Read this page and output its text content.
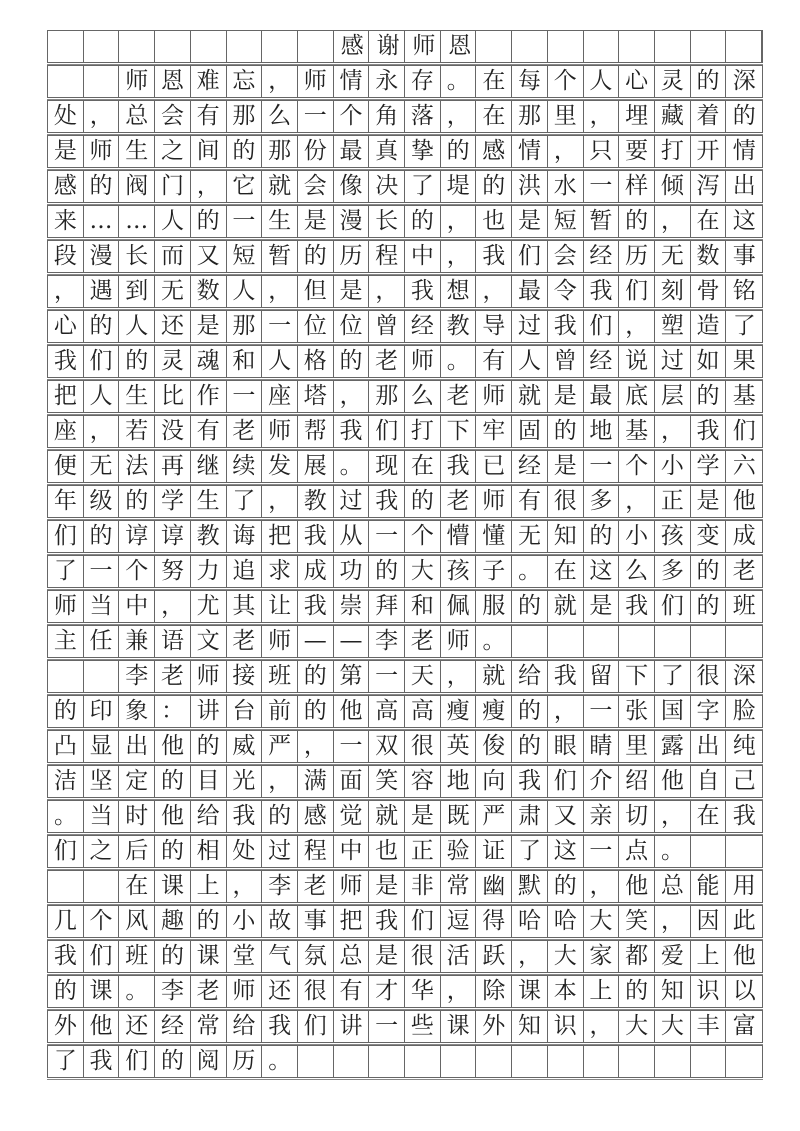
感谢师恩
师 恩 难 忘 ， 师 情 永 存 。 在 每 个 人 心 灵 的 深
处 ， 总 会 有 那 么 一 个 角 落 ， 在 那 里 ， 埋 藏 着 的
是 师 生 之 间 的 那 份 最 真 挚 的 感 情 ， 只 要 打 开 情
感 的 阀 门 ， 它 就 会 像 决 了 堤 的 洪 水 一 样 倾 泻 出
来 … … 人 的 一 生 是 漫 长 的 ， 也 是 短 暂 的 ， 在 这
段 漫 长 而 又 短 暂 的 历 程 中 ， 我 们 会 经 历 无 数 事
， 遇 到 无 数 人 ， 但 是 ， 我 想 ， 最 令 我 们 刻 骨 铭
心 的 人 还 是 那 一 位 位 曾 经 教 导 过 我 们 ， 塑 造 了
我 们 的 灵 魂 和 人 格 的 老 师 。 有 人 曾 经 说 过 如 果
把 人 生 比 作 一 座 塔 ， 那 么 老 师 就 是 最 底 层 的 基
座 ， 若 没 有 老 师 帮 我 们 打 下 牢 固 的 地 基 ， 我 们
便 无 法 再 继 续 发 展 。 现 在 我 已 经 是 一 个 小 学 六
年 级 的 学 生 了 ， 教 过 我 的 老 师 有 很 多 ， 正 是 他
们 的 谆 谆 教 诲 把 我 从 一 个 懵 懂 无 知 的 小 孩 变 成
了 一 个 努 力 追 求 成 功 的 大 孩 子 。 在 这 么 多 的 老
师 当 中 ， 尤 其 让 我 崇 拜 和 佩 服 的 就 是 我 们 的 班
主 任 兼 语 文 老 师 — — 李 老 师 。
李 老 师 接 班 的 第 一 天 ， 就 给 我 留 下 了 很 深
的 印 象 ： 讲 台 前 的 他 高 高 瘦 瘦 的 ， 一 张 国 字 脸
凸 显 出 他 的 威 严 ， 一 双 很 英 俊 的 眼 睛 里 露 出 纯
洁 坚 定 的 目 光 ， 满 面 笑 容 地 向 我 们 介 绍 他 自 己
。 当 时 他 给 我 的 感 觉 就 是 既 严 肃 又 亲 切 ， 在 我
们 之 后 的 相 处 过 程 中 也 正 验 证 了 这 一 点 。
在 课 上 ， 李 老 师 是 非 常 幽 默 的 ， 他 总 能 用
几 个 风 趣 的 小 故 事 把 我 们 逗 得 哈 哈 大 笑 ， 因 此
我 们 班 的 课 堂 气 氛 总 是 很 活 跃 ， 大 家 都 爱 上 他
的 课 。 李 老 师 还 很 有 才 华 ， 除 课 本 上 的 知 识 以
外 他 还 经 常 给 我 们 讲 一 些 课 外 知 识 ， 大 大 丰 富
了 我 们 的 阅 历 。
